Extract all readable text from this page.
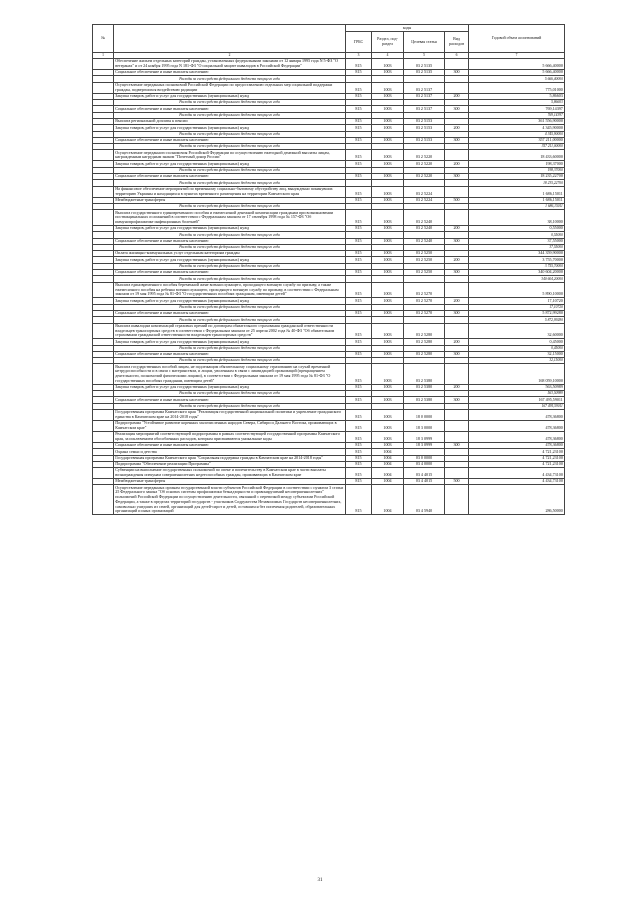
№		коды				Годовой объем ассигнований
		ГРБС	Раздел, под-раздел	Целевая статья	Вид расходов	
1	2	3	4	5	6	7
	Обеспечение жильем отдельных категорий граждан, установленных федеральными законами от 12 января 1995 года N 5-ФЗ "О ветеранах" и от 24 ноября 1995 года N 181-ФЗ "О социальной защите инвалидов в Российской Федерации"	815	1003	03 2 5135		5 666,40000
	Социальное обеспечение и иные выплаты населению	815	1003	03 2 5135	300	5 666,40000
	Расходы за счет средств федерального бюджета текущего года					5 666,40000
	Осуществление переданных полномочий Российской Федерации по предоставлению отдельных мер социальной поддержки граждан, подвергшихся воздействию радиации	815	1003	03 2 5137		775,01000
	Закупка товаров, работ и услуг для государственных (муниципальных) нужд	815	1003	03 2 5137	200	5,86603
	Расходы за счет средств федерального бюджета текущего года					5,86603
	Социальное обеспечение и иные выплаты населению	815	1003	03 2 5137	300	769,14397
	Расходы за счет средств федерального бюджета текущего года					769,14397
	Выплата региональной доплаты к пенсии	815	1003	03 2 5153		361 556,90000
	Закупка товаров, работ и услуг для государственных (муниципальных) нужд	815	1003	03 2 5153	200	4 345,90000
	Расходы за счет средств федерального бюджета текущего года					4 345,90000
	Социальное обеспечение и иные выплаты населению	815	1003	03 2 5153	300	357 211,00000
	Расходы за счет средств федерального бюджета текущего года					357 211,00000
	Осуществление переданного полномочия Российской Федерации по осуществлению ежегодной денежной выплаты лицам, награжденным нагрудным знаком "Почетный донор России"	815	1003	03 2 5220		18 433,60000
	Закупка товаров, работ и услуг для государственных (муниципальных) нужд	815	1003	03 2 5220	200	198,37000
	Расходы за счет средств федерального бюджета текущего года					198,37000
	Социальное обеспечение и иные выплаты населению	815	1003	03 2 5220	300	18 235,22700
	Расходы за счет средств федерального бюджета текущего года					18 235,22700
	На финансовое обеспечение мероприятий по временному социально-бытовому обустройству лиц, вынужденно покинувших территорию Украины и находящихся в пунктах временного размещения на территории Камчатского края	815	1003	03 2 5224		1 686,15011
	Межбюджетные трансферты	815	1003	03 2 5224	500	1 686,15011
	Расходы за счет средств федерального бюджета текущего года					1 686,15011
	Выплата государственного единовременного пособия и ежемесячной денежной компенсации гражданам при возникновении поствакцинальных осложнений в соответствии с Федеральным законом от 17 сентября 1998 года № 157-ФЗ "Об иммунопрофилактике инфекционных болезней"	815	1003	03 2 5240		38,10000
	Закупка товаров, работ и услуг для государственных (муниципальных) нужд	815	1003	03 2 5240	200	0,55000
	Расходы за счет средств федерального бюджета текущего года					0,55000
	Социальное обеспечение и иные выплаты населению	815	1003	03 2 5240	300	37,55000
	Расходы за счет средств федерального бюджета текущего года					37,55000
	Оплата жилищно-коммунальных услуг отдельным категориям граждан	815	1003	03 2 5250		344 359,90000
	Закупка товаров, работ и услуг для государственных (муниципальных) нужд	815	1003	03 2 5250	200	3 755,70000
	Расходы за счет средств федерального бюджета текущего года					3 755,70000
	Социальное обеспечение и иные выплаты населению	815	1003	03 2 5250	300	340 604,20000
	Расходы за счет средств федерального бюджета текущего года					340 604,20000
	Выплата единовременного пособия беременной жене военнослужащего, проходящего военную службу по призыву, а также ежемесячного пособия на ребенка военнослужащего, проходящего военную службу по призыву, в соответствии с Федеральным законом от 19 мая 1995 года № 81-ФЗ "О государственных пособиях гражданам, имеющим детей"	815	1003	03 2 5270		5 890,10000
	Закупка товаров, работ и услуг для государственных (муниципальных) нужд	815	1003	03 2 5270	200	17,10720
	Расходы за счет средств федерального бюджета текущего года					17,10720
	Социальное обеспечение и иные выплаты населению	815	1003	03 2 5270	300	5 872,99280
	Расходы за счет средств федерального бюджета текущего года					5 872,99280
	Выплата инвалидам компенсаций страховых премий по договорам обязательного страхования гражданской ответственности владельцев транспортных средств в соответствии с Федеральным законом от 25 апреля 2002 года № 40-ФЗ "Об обязательном страховании гражданской ответственности владельцев транспортных средств"	815	1003	03 2 5280		32,60000
	Закупка товаров, работ и услуг для государственных (муниципальных) нужд	815	1003	03 2 5280	200	0,45000
	Расходы за счет средств федерального бюджета текущего года					0,45000
	Социальное обеспечение и иные выплаты населению	815	1003	03 2 5280	300	32,15000
	Расходы за счет средств федерального бюджета текущего года					32,15000
	Выплата государственных пособий лицам, не подлежащим обязательному социальному страхованию на случай временной нетрудоспособности и в связи с материнством, и лицам, уволенным в связи с ликвидацией организаций (прекращением деятельности, полномочий физическими лицами), в соответствии с Федеральным законом от 19 мая 1995 года № 81-ФЗ "О государственных пособиях гражданам, имеющим детей"	815	1003	03 2 5380		168 059,10000
	Закупка товаров, работ и услуг для государственных (муниципальных) нужд	815	1003	03 2 5380	200	563,50989
	Расходы за счет средств федерального бюджета текущего года					563,50989
	Социальное обеспечение и иные выплаты населению	815	1003	03 2 5380	300	167 495,59011
	Расходы за счет средств федерального бюджета текущего года					167 495,59011
	Государственная программа Камчатского края "Реализация государственной национальной политики и укрепление гражданского единства в Камчатском крае на 2014-2018 годы"	815	1003	18 0 0000		478,36800
	Подпрограмма "Устойчивое развитие коренных малочисленных народов Севера, Сибири и Дальнего Востока, проживающих в Камчатском крае"	815	1003	18 3 0000		478,36800
	Реализация мероприятий соответствующей подпрограммы в рамках соответствующей государственной программы Камчатского края, за исключением обособленных расходов, которым присваиваются уникальные коды	815	1003	18 3 0999		478,36800
	Социальное обеспечение и иные выплаты населению	815	1003	18 3 0999	300	478,36800
	Охрана семьи и детства	815	1004			4 721,23100
	Государственная программа Камчатского края "Социальная поддержка граждан в Камчатском крае на 2014-2018 годы"	815	1004	03 0 0000		4 721,23100
	Подпрограмма "Обеспечение реализации Программы"	815	1004	03 4 0000		4 721,23100
	Субвенции на выполнение государственных полномочий по опеке и попечительству в Камчатском крае в части выплаты вознаграждения опекунам совершеннолетних недееспособных граждан, проживающих в Камчатском крае	815	1004	03 4 4015		4 434,73100
	Межбюджетные трансферты	815	1004	03 4 4015	500	4 434,73100
	Осуществление переданных органам государственной власти субъектов Российской Федерации в соответствии с пунктом 3 статьи 25 Федерального закона "Об основах системы профилактики безнадзорности и правонарушений несовершеннолетних" полномочий Российской Федерации по осуществлению деятельности, связанной с перевозкой между субъектами Российской Федерации, а также в пределах территорий государств - участников Содружества Независимых Государств несовершеннолетних, самовольно ушедших из семей, организаций для детей-сирот и детей, оставшихся без попечения родителей, образовательных организаций и иных организаций	815	1004	03 4 5940		286,50000
31
